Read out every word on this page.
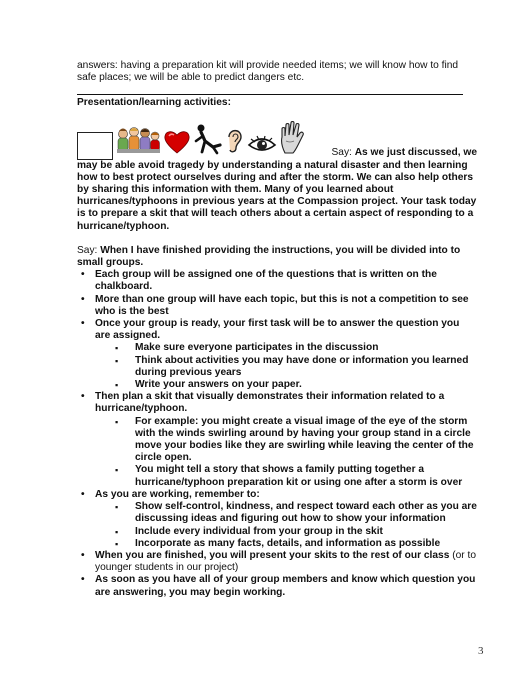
answers: having a preparation kit will provide needed items; we will know how to find safe places; we will be able to predict dangers etc.

Presentation/learning activities:
Say: As we just discussed, we

may be able avoid tragedy by understanding a natural disaster and then learning how to best protect ourselves during and after the storm. We can also help others by sharing this information with them. Many of you learned about hurricanes/typhoons in previous years at the Compassion project. Your task today is to prepare a skit that will teach others about a certain aspect of responding to a hurricane/typhoon.

Say: When I have finished providing the instructions, you will be divided into to small groups.

• Each group will be assigned one of the questions that is written on the chalkboard.
• More than one group will have each topic, but this is not a competition to see who is the best
• Once your group is ready, your first task will be to answer the question you are assigned.
▪ Make sure everyone participates in the discussion
▪ Think about activities you may have done or information you learned during previous years
▪ Write your answers on your paper.
• Then plan a skit that visually demonstrates their information related to a hurricane/typhoon.
▪ For example: you might create a visual image of the eye of the storm with the winds swirling around by having your group stand in a circle move your bodies like they are swirling while leaving the center of the circle open.
▪ You might tell a story that shows a family putting together a hurricane/typhoon preparation kit or using one after a storm is over
• As you are working, remember to:
▪ Show self-control, kindness, and respect toward each other as you are discussing ideas and figuring out how to show your information
▪ Include every individual from your group in the skit
▪ Incorporate as many facts, details, and information as possible
• When you are finished, you will present your skits to the rest of our class (or to younger students in our project)
• As soon as you have all of your group members and know which question you are answering, you may begin working.
3
